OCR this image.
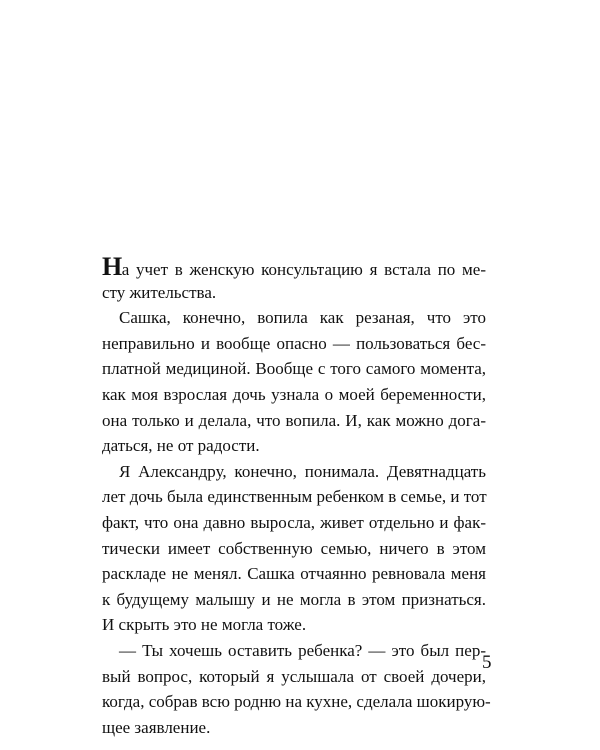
На учет в женскую консультацию я встала по ме-
сту жительства.
Сашка, конечно, вопила как резаная, что это
неправильно и вообще опасно — пользоваться бес-
платной медициной. Вообще с того самого момента,
как моя взрослая дочь узнала о моей беременности,
она только и делала, что вопила. И, как можно дога-
даться, не от радости.
Я Александру, конечно, понимала. Девятнадцать
лет дочь была единственным ребенком в семье, и тот
факт, что она давно выросла, живет отдельно и фак-
тически имеет собственную семью, ничего в этом
раскладе не менял. Сашка отчаянно ревновала меня
к будущему малышу и не могла в этом признаться.
И скрыть это не могла тоже.
— Ты хочешь оставить ребенка? — это был пер-
вый вопрос, который я услышала от своей дочери,
когда, собрав всю родню на кухне, сделала шокирую-
щее заявление.
5
